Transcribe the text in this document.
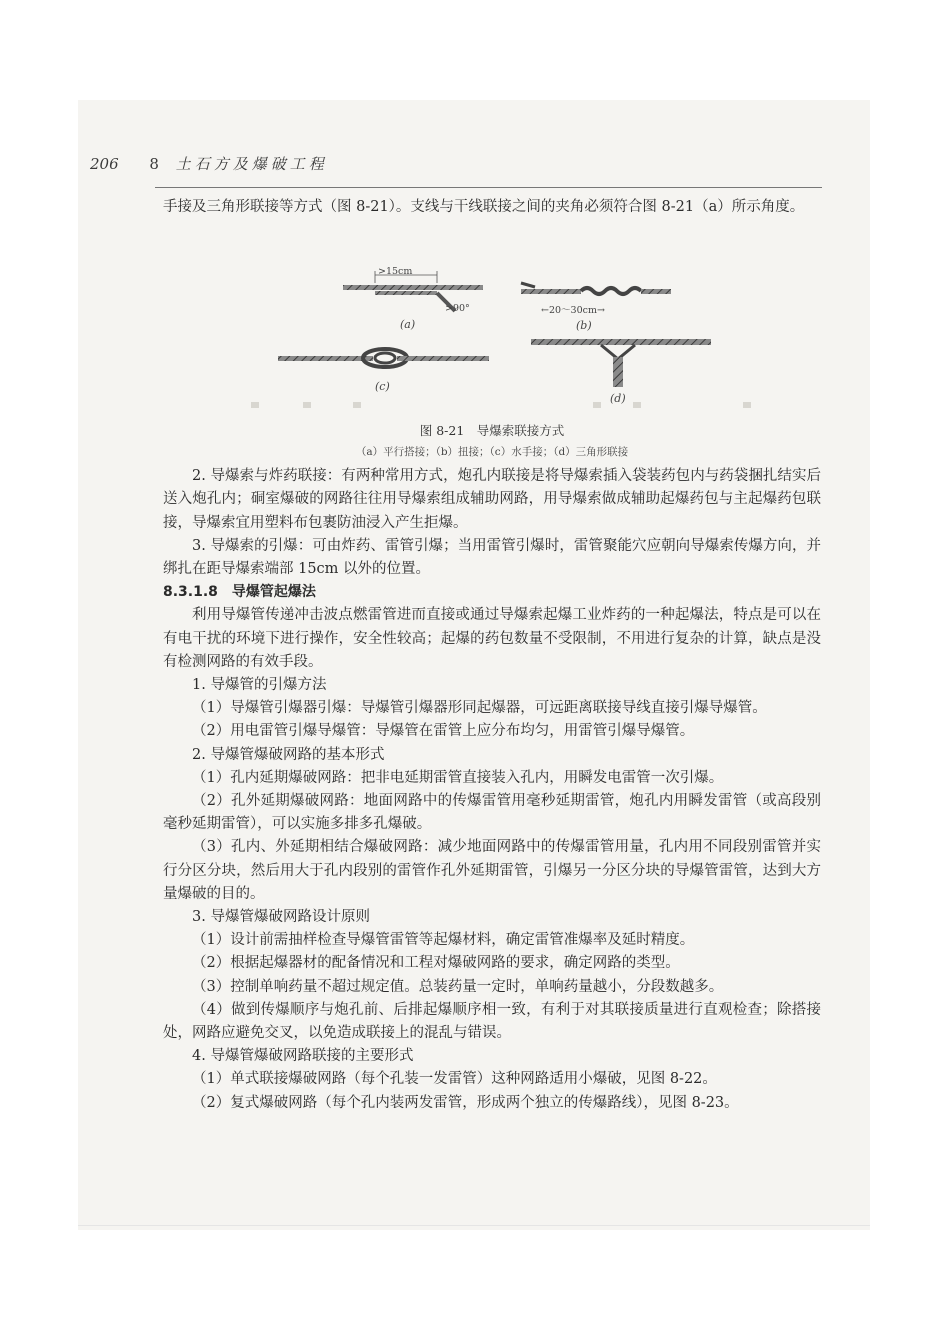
206 8 土石方及爆破工程

手接及三角形联接等方式（图 8-21）。支线与干线联接之间的夹角必须符合图 8-21（a）所示角度。

>15cm
>90°	←20～30cm→
(a)	(b)
(c)
(d)
图 8-21　导爆索联接方式
（a）平行搭接；（b）扭接；（c）水手接；（d）三角形联接

2. 导爆索与炸药联接：有两种常用方式，炮孔内联接是将导爆索插入袋装药包内与药袋捆扎结实后送入炮孔内；硐室爆破的网路往往用导爆索组成辅助网路，用导爆索做成辅助起爆药包与主起爆药包联接，导爆索宜用塑料布包裹防油浸入产生拒爆。

3. 导爆索的引爆：可由炸药、雷管引爆；当用雷管引爆时，雷管聚能穴应朝向导爆索传爆方向，并绑扎在距导爆索端部 15cm 以外的位置。

8.3.1.8　导爆管起爆法

利用导爆管传递冲击波点燃雷管进而直接或通过导爆索起爆工业炸药的一种起爆法，特点是可以在有电干扰的环境下进行操作，安全性较高；起爆的药包数量不受限制，不用进行复杂的计算，缺点是没有检测网路的有效手段。

1. 导爆管的引爆方法

（1）导爆管引爆器引爆：导爆管引爆器形同起爆器，可远距离联接导线直接引爆导爆管。

（2）用电雷管引爆导爆管：导爆管在雷管上应分布均匀，用雷管引爆导爆管。

2. 导爆管爆破网路的基本形式

（1）孔内延期爆破网路：把非电延期雷管直接装入孔内，用瞬发电雷管一次引爆。

（2）孔外延期爆破网路：地面网路中的传爆雷管用毫秒延期雷管，炮孔内用瞬发雷管（或高段别毫秒延期雷管），可以实施多排多孔爆破。

（3）孔内、外延期相结合爆破网路：减少地面网路中的传爆雷管用量，孔内用不同段别雷管并实行分区分块，然后用大于孔内段别的雷管作孔外延期雷管，引爆另一分区分块的导爆管雷管，达到大方量爆破的目的。

3. 导爆管爆破网路设计原则

（1）设计前需抽样检查导爆管雷管等起爆材料，确定雷管准爆率及延时精度。

（2）根据起爆器材的配备情况和工程对爆破网路的要求，确定网路的类型。

（3）控制单响药量不超过规定值。总装药量一定时，单响药量越小，分段数越多。

（4）做到传爆顺序与炮孔前、后排起爆顺序相一致，有利于对其联接质量进行直观检查；除搭接处，网路应避免交叉，以免造成联接上的混乱与错误。

4. 导爆管爆破网路联接的主要形式

（1）单式联接爆破网路（每个孔装一发雷管）这种网路适用小爆破，见图 8-22。

（2）复式爆破网路（每个孔内装两发雷管，形成两个独立的传爆路线），见图 8-23。
